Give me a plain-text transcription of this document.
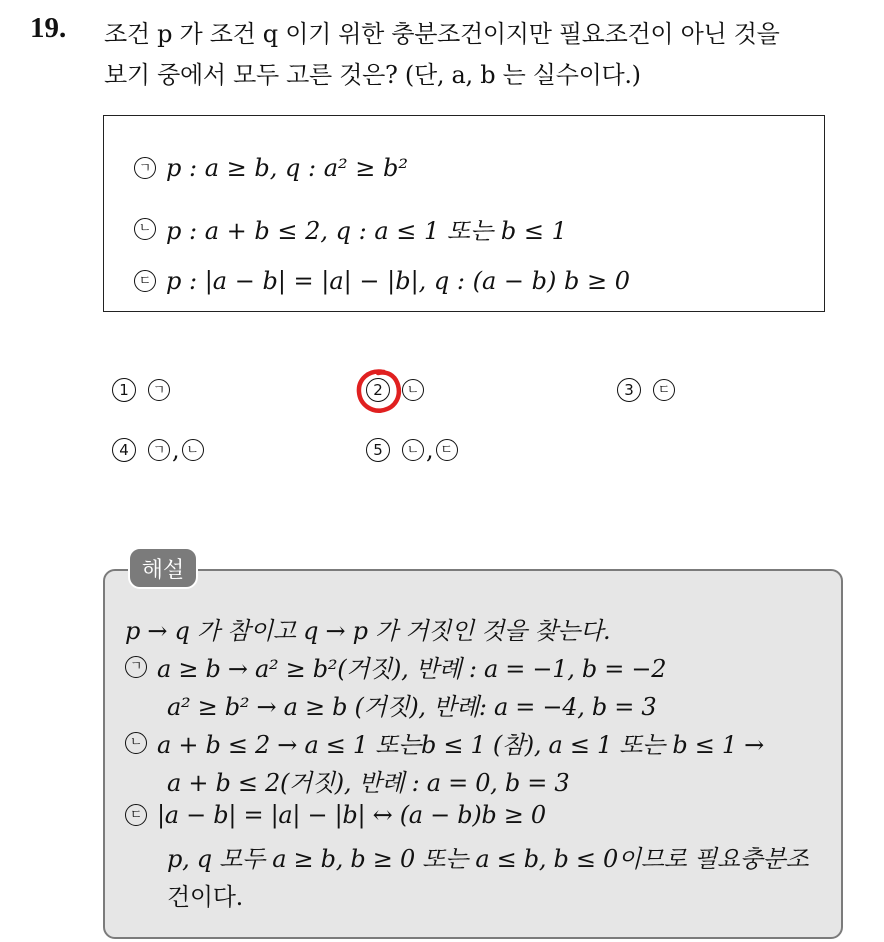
19. 조건 p 가 조건 q 이기 위한 충분조건이지만 필요조건이 아닌 것을
보기 중에서 모두 고른 것은? (단, a, b 는 실수이다.)
ㄱ p : a ≥ b, q : a² ≥ b²
ㄴ p : a + b ≤ 2, q : a ≤ 1 또는 b ≤ 1
ㄷ p : |a − b| = |a| − |b|, q : (a − b) b ≥ 0
1	ㄱ	2	ㄴ	3	ㄷ
4	ㄱ , ㄴ	5	ㄴ , ㄷ
해설
p → q 가 참이고 q → p 가 거짓인 것을 찾는다.
ㄱ a ≥ b → a² ≥ b²(거짓), 반례 : a = −1, b = −2
a² ≥ b² → a ≥ b (거짓), 반례: a = −4, b = 3
ㄴ a + b ≤ 2 → a ≤ 1 또는b ≤ 1 (참), a ≤ 1 또는 b ≤ 1 →
a + b ≤ 2(거짓), 반례 : a = 0, b = 3
ㄷ |a − b| = |a| − |b| ↔ (a − b)b ≥ 0
p, q 모두 a ≥ b, b ≥ 0 또는 a ≤ b, b ≤ 0이므로 필요충분조
건이다.
